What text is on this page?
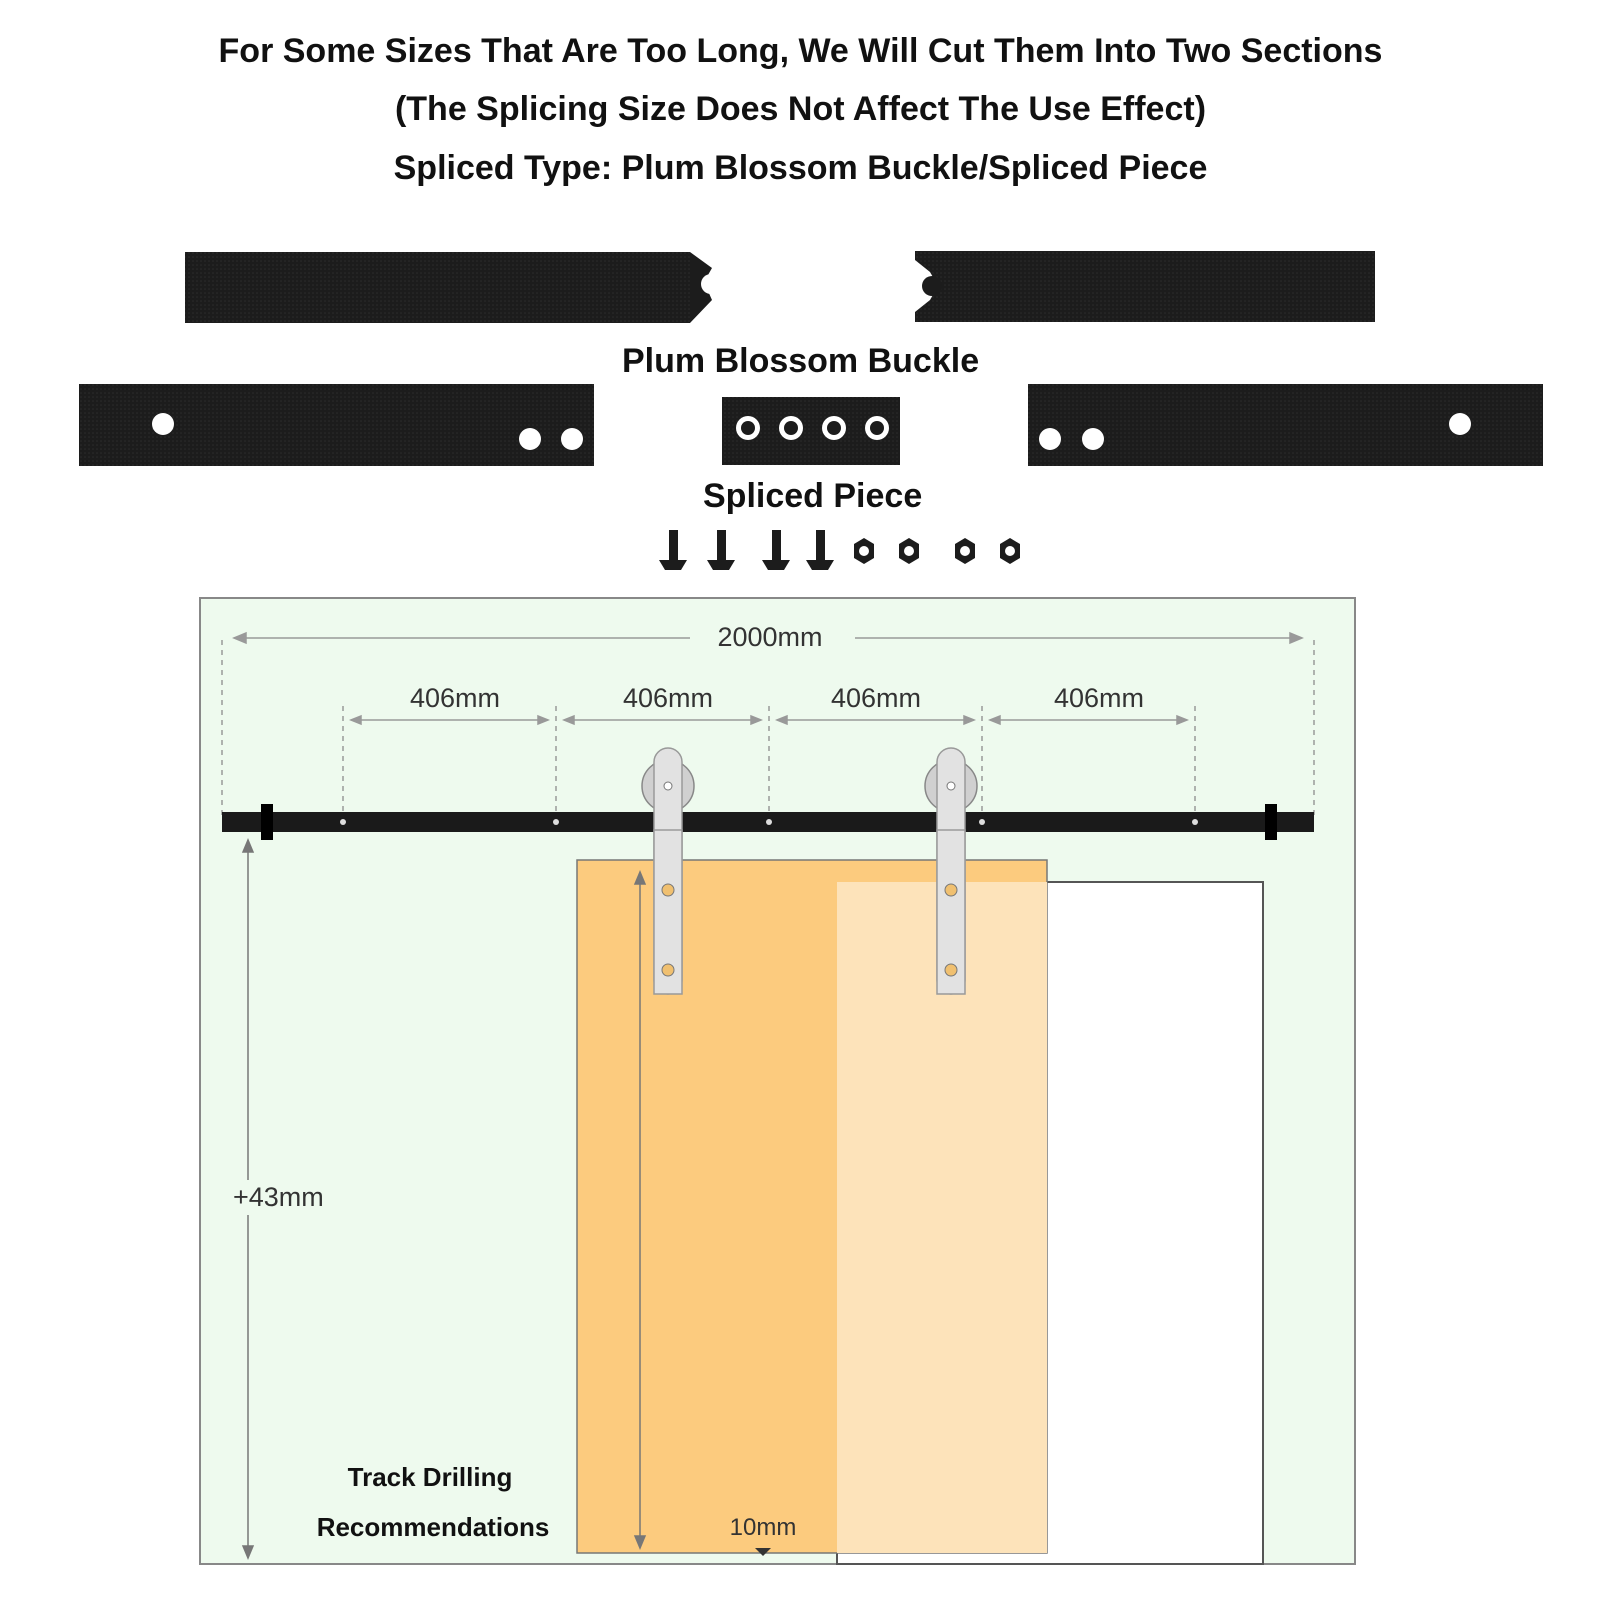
For Some Sizes That Are Too Long, We Will Cut Them Into Two Sections
(The Splicing Size Does Not Affect The Use Effect)
Spliced Type: Plum Blossom Buckle/Spliced Piece
Plum Blossom Buckle
Spliced Piece
2000mm
406mm	406mm	406mm	406mm
+43mm
10mm
Track Drilling
Recommendations
